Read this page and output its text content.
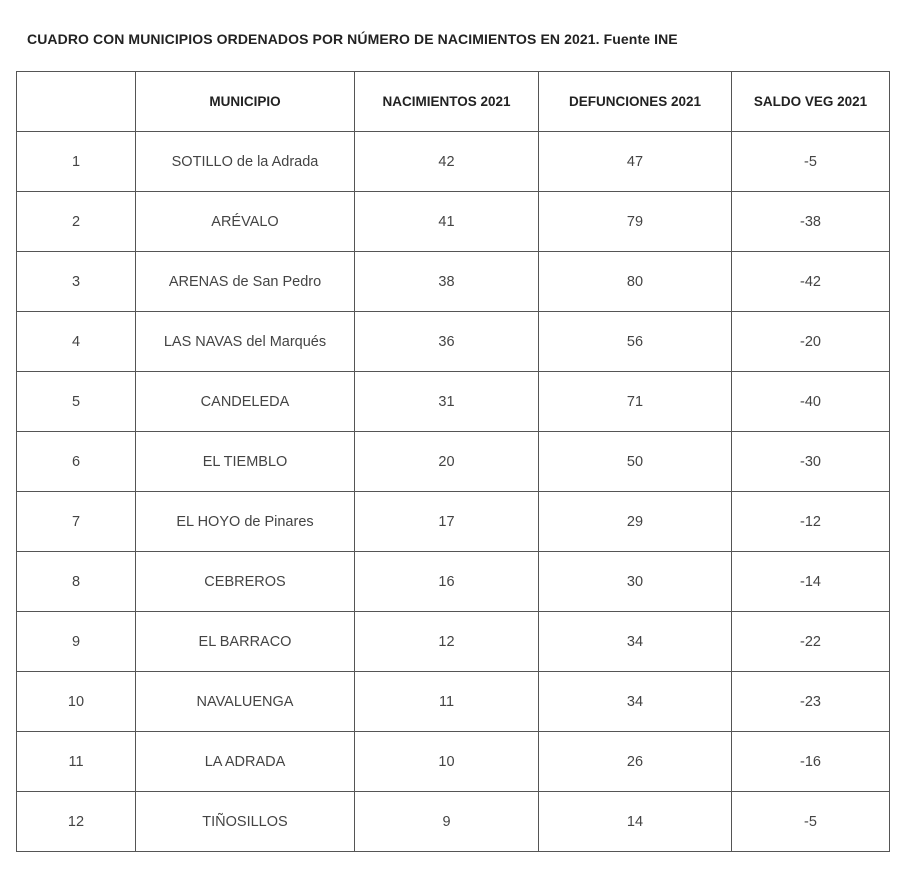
CUADRO CON MUNICIPIOS ORDENADOS POR NÚMERO DE NACIMIENTOS EN 2021. Fuente INE
	MUNICIPIO	NACIMIENTOS 2021	DEFUNCIONES 2021	SALDO VEG 2021
1	SOTILLO de la Adrada	42	47	-5
2	ARÉVALO	41	79	-38
3	ARENAS de San Pedro	38	80	-42
4	LAS NAVAS del Marqués	36	56	-20
5	CANDELEDA	31	71	-40
6	EL TIEMBLO	20	50	-30
7	EL HOYO de Pinares	17	29	-12
8	CEBREROS	16	30	-14
9	EL BARRACO	12	34	-22
10	NAVALUENGA	11	34	-23
11	LA ADRADA	10	26	-16
12	TIÑOSILLOS	9	14	-5
